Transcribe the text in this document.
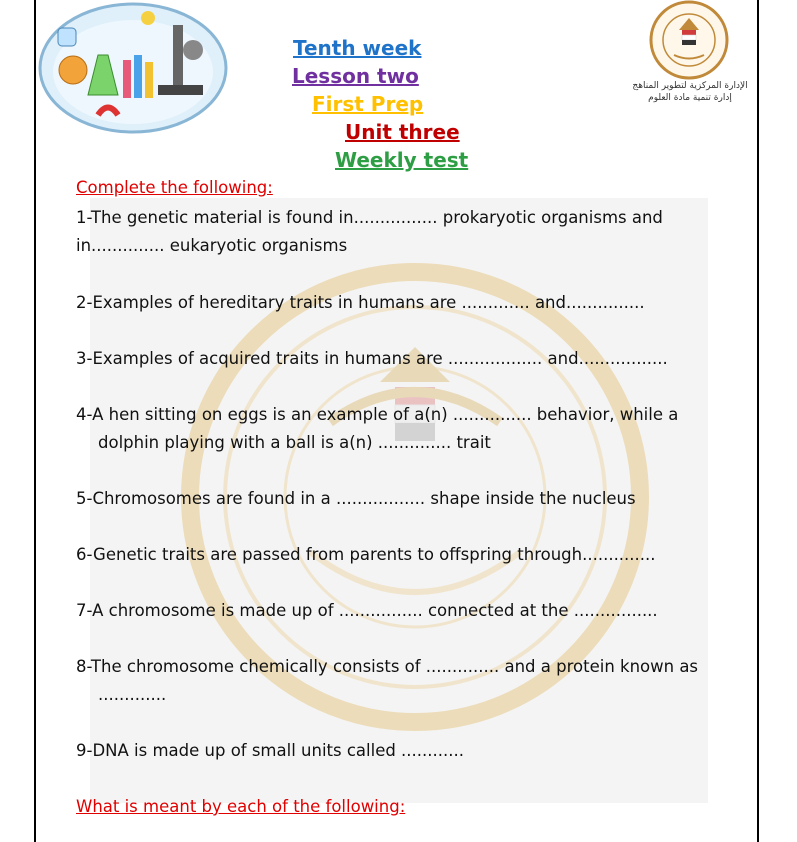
الإدارة المركزية لتطوير المناهج
إدارة تنمية مادة العلوم
Tenth week
Lesson two
First Prep
Unit three
Weekly test
Complete the following:
1-The genetic material is found in................ prokaryotic organisms and
in.............. eukaryotic organisms
2-Examples of hereditary traits in humans are ............. and...............
3-Examples of acquired traits in humans are .................. and.................
4-A hen sitting on eggs is an example of a(n) ............... behavior, while a
dolphin playing with a ball is a(n) .............. trait
5-Chromosomes are found in a ................. shape inside the nucleus
6-Genetic traits are passed from parents to offspring through..............
7-A chromosome is made up of ................ connected at the ................
8-The chromosome chemically consists of .............. and a protein known as
.............
9-DNA is made up of small units called ............
What is meant by each of the following:
